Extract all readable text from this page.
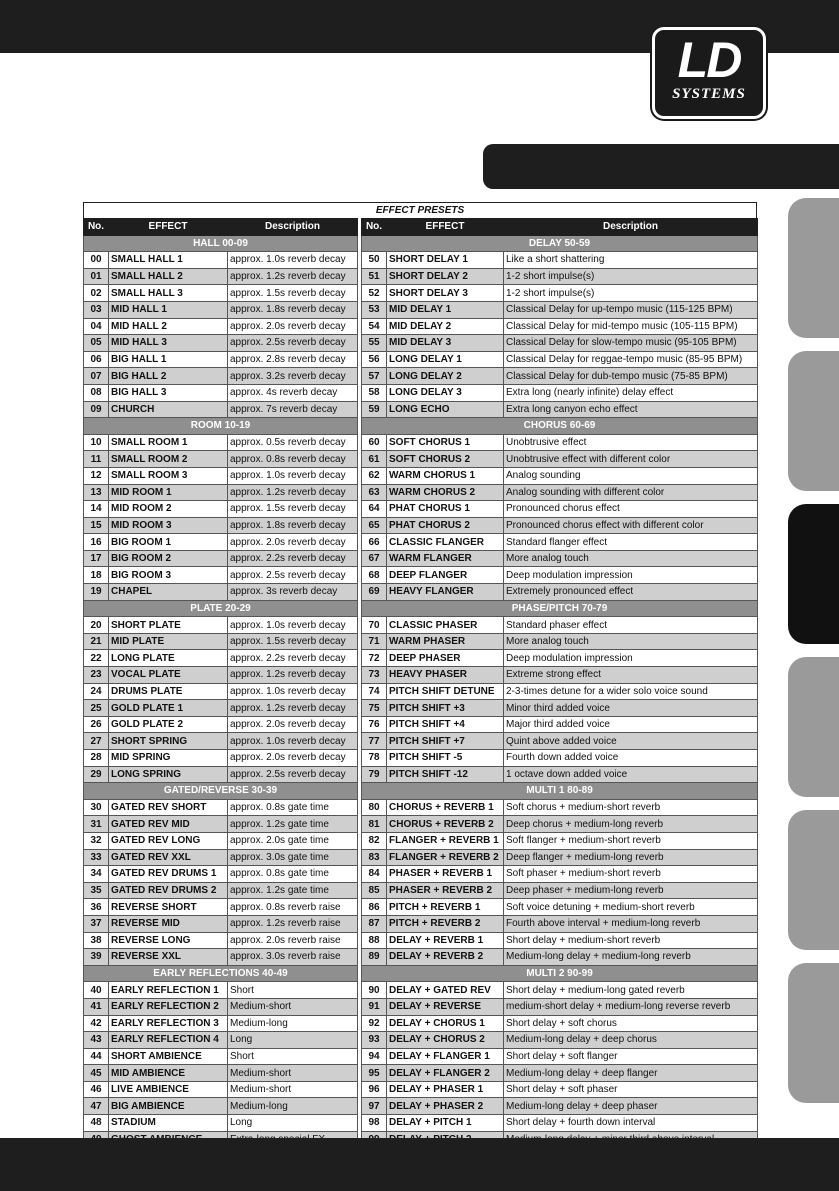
LD
SYSTEMS
EFFECT PRESETS
No.	EFFECT	Description
HALL 00-09		
00	SMALL HALL 1	approx. 1.0s reverb decay
01	SMALL HALL 2	approx. 1.2s reverb decay
02	SMALL HALL 3	approx. 1.5s reverb decay
03	MID HALL 1	approx. 1.8s reverb decay
04	MID HALL 2	approx. 2.0s reverb decay
05	MID HALL 3	approx. 2.5s reverb decay
06	BIG HALL 1	approx. 2.8s reverb decay
07	BIG HALL 2	approx. 3.2s reverb decay
08	BIG HALL 3	approx. 4s reverb decay
09	CHURCH	approx. 7s reverb decay
ROOM 10-19		
10	SMALL ROOM 1	approx. 0.5s reverb decay
11	SMALL ROOM 2	approx. 0.8s reverb decay
12	SMALL ROOM 3	approx. 1.0s reverb decay
13	MID ROOM 1	approx. 1.2s reverb decay
14	MID ROOM 2	approx. 1.5s reverb decay
15	MID ROOM 3	approx. 1.8s reverb decay
16	BIG ROOM 1	approx. 2.0s reverb decay
17	BIG ROOM 2	approx. 2.2s reverb decay
18	BIG ROOM 3	approx. 2.5s reverb decay
19	CHAPEL	approx. 3s reverb decay
PLATE 20-29		
20	SHORT PLATE	approx. 1.0s reverb decay
21	MID PLATE	approx. 1.5s reverb decay
22	LONG PLATE	approx. 2.2s reverb decay
23	VOCAL PLATE	approx. 1.2s reverb decay
24	DRUMS PLATE	approx. 1.0s reverb decay
25	GOLD PLATE 1	approx. 1.2s reverb decay
26	GOLD PLATE 2	approx. 2.0s reverb decay
27	SHORT SPRING	approx. 1.0s reverb decay
28	MID SPRING	approx. 2.0s reverb decay
29	LONG SPRING	approx. 2.5s reverb decay
GATED/REVERSE 30-39		
30	GATED REV SHORT	approx. 0.8s gate time
31	GATED REV MID	approx. 1.2s gate time
32	GATED REV LONG	approx. 2.0s gate time
33	GATED REV XXL	approx. 3.0s gate time
34	GATED REV DRUMS 1	approx. 0.8s gate time
35	GATED REV DRUMS 2	approx. 1.2s gate time
36	REVERSE SHORT	approx. 0.8s reverb raise
37	REVERSE MID	approx. 1.2s reverb raise
38	REVERSE LONG	approx. 2.0s reverb raise
39	REVERSE XXL	approx. 3.0s reverb raise
EARLY REFLECTIONS 40-49		
40	EARLY REFLECTION 1	Short
41	EARLY REFLECTION 2	Medium-short
42	EARLY REFLECTION 3	Medium-long
43	EARLY REFLECTION 4	Long
44	SHORT AMBIENCE	Short
45	MID AMBIENCE	Medium-short
46	LIVE AMBIENCE	Medium-short
47	BIG AMBIENCE	Medium-long
48	STADIUM	Long

No.	EFFECT	Description
DELAY 50-59		
50	SHORT DELAY 1	Like a short shattering
51	SHORT DELAY 2	1-2 short impulse(s)
52	SHORT DELAY 3	1-2 short impulse(s)
53	MID DELAY 1	Classical Delay for up-tempo music (115-125 BPM)
54	MID DELAY 2	Classical Delay for mid-tempo music (105-115 BPM)
55	MID DELAY 3	Classical Delay for slow-tempo music (95-105 BPM)
56	LONG DELAY 1	Classical Delay for reggae-tempo music (85-95 BPM)
57	LONG DELAY 2	Classical Delay for dub-tempo music (75-85 BPM)
58	LONG DELAY 3	Extra long (nearly infinite) delay effect
59	LONG ECHO	Extra long canyon echo effect
CHORUS 60-69		
60	SOFT CHORUS 1	Unobtrusive effect
61	SOFT CHORUS 2	Unobtrusive effect with different color
62	WARM CHORUS 1	Analog sounding
63	WARM CHORUS 2	Analog sounding with different color
64	PHAT CHORUS 1	Pronounced chorus effect
65	PHAT CHORUS 2	Pronounced chorus effect with different color
66	CLASSIC FLANGER	Standard flanger effect
67	WARM FLANGER	More analog touch
68	DEEP FLANGER	Deep modulation impression
69	HEAVY FLANGER	Extremely pronounced effect
PHASE/PITCH 70-79		
70	CLASSIC PHASER	Standard phaser effect
71	WARM PHASER	More analog touch
72	DEEP PHASER	Deep modulation impression
73	HEAVY PHASER	Extreme strong effect
74	PITCH SHIFT DETUNE	2-3-times detune for a wider solo voice sound
75	PITCH SHIFT +3	Minor third added voice
76	PITCH SHIFT +4	Major third added voice
77	PITCH SHIFT +7	Quint above added voice
78	PITCH SHIFT -5	Fourth down added voice
79	PITCH SHIFT -12	1 octave down added voice
MULTI 1 80-89		
80	CHORUS + REVERB 1	Soft chorus + medium-short reverb
81	CHORUS + REVERB 2	Deep chorus + medium-long reverb
82	FLANGER + REVERB 1	Soft flanger + medium-short reverb
83	FLANGER + REVERB 2	Deep flanger + medium-long reverb
84	PHASER + REVERB 1	Soft phaser + medium-short reverb
85	PHASER + REVERB 2	Deep phaser + medium-long reverb
86	PITCH + REVERB 1	Soft voice detuning + medium-short reverb
87	PITCH + REVERB 2	Fourth above interval + medium-long reverb
88	DELAY + REVERB 1	Short delay + medium-short reverb
89	DELAY + REVERB 2	Medium-long delay + medium-long reverb
MULTI 2 90-99		
90	DELAY + GATED REV	Short delay + medium-long gated reverb
91	DELAY + REVERSE	medium-short delay + medium-long reverse reverb
92	DELAY + CHORUS 1	Short delay + soft chorus
93	DELAY + CHORUS 2	Medium-long delay + deep chorus
94	DELAY + FLANGER 1	Short delay + soft flanger
95	DELAY + FLANGER 2	Medium-long delay + deep flanger
96	DELAY + PHASER 1	Short delay + soft phaser
97	DELAY + PHASER 2	Medium-long delay + deep phaser
98	DELAY + PITCH 1	Short delay + fourth down interval
